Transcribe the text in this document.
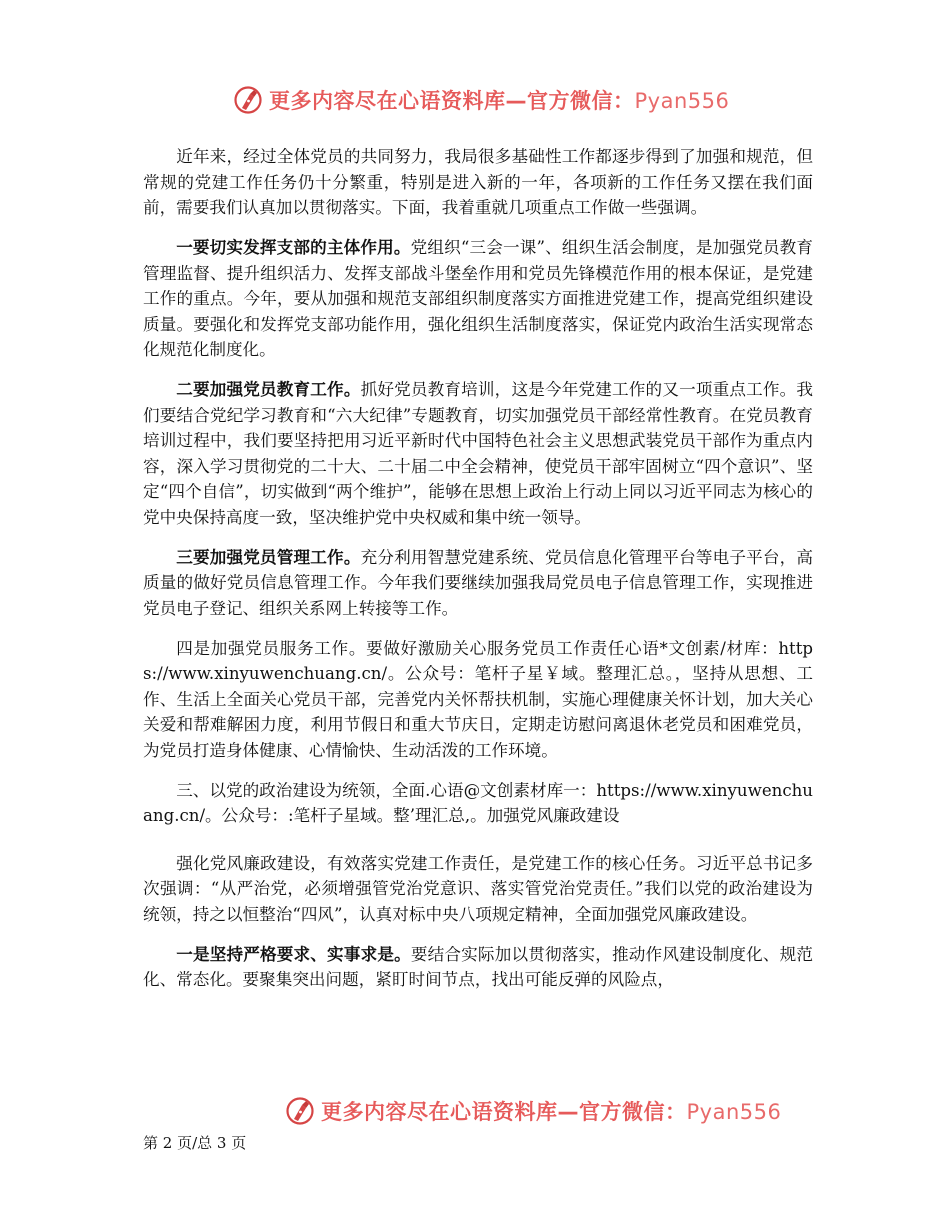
更多内容尽在心语资料库—官方微信：Pyan556

近年来，经过全体党员的共同努力，我局很多基础性工作都逐步得到了加强和规范，但常规的党建工作任务仍十分繁重，特别是进入新的一年，各项新的工作任务又摆在我们面前，需要我们认真加以贯彻落实。下面，我着重就几项重点工作做一些强调。

一要切实发挥支部的主体作用。党组织“三会一课”、组织生活会制度，是加强党员教育管理监督、提升组织活力、发挥支部战斗堡垒作用和党员先锋模范作用的根本保证，是党建工作的重点。今年，要从加强和规范支部组织制度落实方面推进党建工作，提高党组织建设质量。要强化和发挥党支部功能作用，强化组织生活制度落实，保证党内政治生活实现常态化规范化制度化。

二要加强党员教育工作。抓好党员教育培训，这是今年党建工作的又一项重点工作。我们要结合党纪学习教育和“六大纪律”专题教育，切实加强党员干部经常性教育。在党员教育培训过程中，我们要坚持把用习近平新时代中国特色社会主义思想武装党员干部作为重点内容，深入学习贯彻党的二十大、二十届二中全会精神，使党员干部牢固树立“四个意识”、坚定“四个自信”，切实做到“两个维护”，能够在思想上政治上行动上同以习近平同志为核心的党中央保持高度一致，坚决维护党中央权威和集中统一领导。

三要加强党员管理工作。充分利用智慧党建系统、党员信息化管理平台等电子平台，高质量的做好党员信息管理工作。今年我们要继续加强我局党员电子信息管理工作，实现推进党员电子登记、组织关系网上转接等工作。

四是加强党员服务工作。要做好激励关心服务党员工作责任心语*文创素/材库：https://www.xinyuwenchuang.cn/。公众号：笔杆子星￥域。整理汇总。，坚持从思想、工作、生活上全面关心党员干部，完善党内关怀帮扶机制，实施心理健康关怀计划，加大关心关爱和帮难解困力度，利用节假日和重大节庆日，定期走访慰问离退休老党员和困难党员，为党员打造身体健康、心情愉快、生动活泼的工作环境。

三、以党的政治建设为统领，全面.心语@文创素材库一：https://www.xinyuwenchuang.cn/。公众号：:笔杆子星域。整’理汇总,。加强党风廉政建设

强化党风廉政建设，有效落实党建工作责任，是党建工作的核心任务。习近平总书记多次强调：“从严治党，必须增强管党治党意识、落实管党治党责任。”我们以党的政治建设为统领，持之以恒整治“四风”，认真对标中央八项规定精神，全面加强党风廉政建设。

一是坚持严格要求、实事求是。要结合实际加以贯彻落实，推动作风建设制度化、规范化、常态化。要聚集突出问题，紧盯时间节点，找出可能反弹的风险点，

更多内容尽在心语资料库—官方微信：Pyan556
第 2 页/总 3 页
